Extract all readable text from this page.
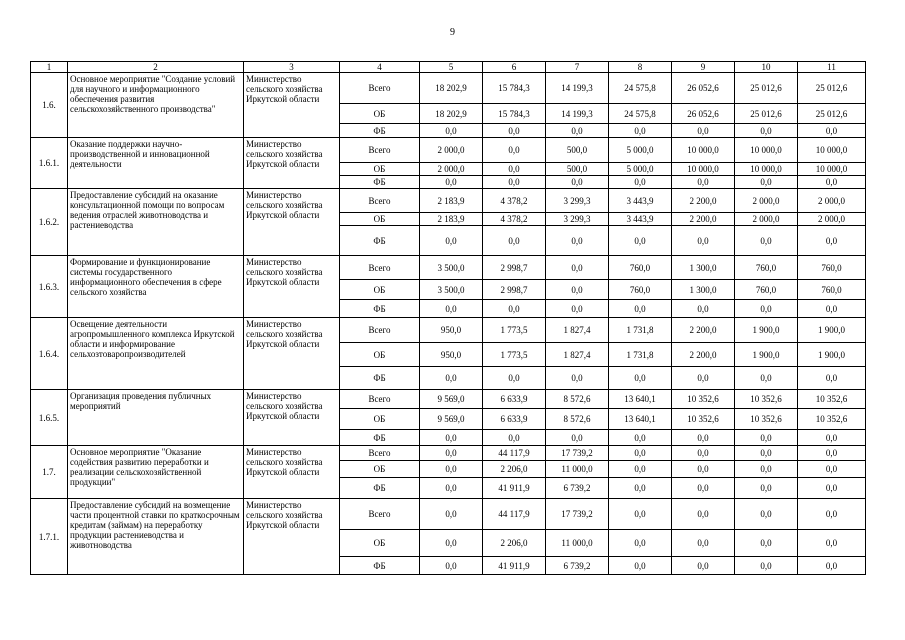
9
1	2	3	4	5	6	7	8	9	10	11
1.6.	Основное мероприятие "Создание условий для научного и информационного обеспечения развития сельскохозяйственного производства"	Министерство сельского хозяйства Иркутской области	Всего	18 202,9	15 784,3	14 199,3	24 575,8	26 052,6	25 012,6	25 012,6
			ОБ	18 202,9	15 784,3	14 199,3	24 575,8	26 052,6	25 012,6	25 012,6
			ФБ	0,0	0,0	0,0	0,0	0,0	0,0	0,0
1.6.1.	Оказание поддержки научно-производственной и инновационной деятельности	Министерство сельского хозяйства Иркутской области	Всего	2 000,0	0,0	500,0	5 000,0	10 000,0	10 000,0	10 000,0
			ОБ	2 000,0	0,0	500,0	5 000,0	10 000,0	10 000,0	10 000,0
			ФБ	0,0	0,0	0,0	0,0	0,0	0,0	0,0
1.6.2.	Предоставление субсидий на оказание консультационной помощи по вопросам ведения отраслей животноводства и растениеводства	Министерство сельского хозяйства Иркутской области	Всего	2 183,9	4 378,2	3 299,3	3 443,9	2 200,0	2 000,0	2 000,0
			ОБ	2 183,9	4 378,2	3 299,3	3 443,9	2 200,0	2 000,0	2 000,0
			ФБ	0,0	0,0	0,0	0,0	0,0	0,0	0,0
1.6.3.	Формирование и функционирование системы государственного информационного обеспечения в сфере сельского хозяйства	Министерство сельского хозяйства Иркутской области	Всего	3 500,0	2 998,7	0,0	760,0	1 300,0	760,0	760,0
			ОБ	3 500,0	2 998,7	0,0	760,0	1 300,0	760,0	760,0
			ФБ	0,0	0,0	0,0	0,0	0,0	0,0	0,0
1.6.4.	Освещение деятельности агропромышленного комплекса Иркутской области и информирование сельхозтоваропроизводителей	Министерство сельского хозяйства Иркутской области	Всего	950,0	1 773,5	1 827,4	1 731,8	2 200,0	1 900,0	1 900,0
			ОБ	950,0	1 773,5	1 827,4	1 731,8	2 200,0	1 900,0	1 900,0
			ФБ	0,0	0,0	0,0	0,0	0,0	0,0	0,0
1.6.5.	Организация проведения публичных мероприятий	Министерство сельского хозяйства Иркутской области	Всего	9 569,0	6 633,9	8 572,6	13 640,1	10 352,6	10 352,6	10 352,6
			ОБ	9 569,0	6 633,9	8 572,6	13 640,1	10 352,6	10 352,6	10 352,6
			ФБ	0,0	0,0	0,0	0,0	0,0	0,0	0,0
1.7.	Основное мероприятие "Оказание содействия развитию переработки и реализации сельскохозяйственной продукции"	Министерство сельского хозяйства Иркутской области	Всего	0,0	44 117,9	17 739,2	0,0	0,0	0,0	0,0
			ОБ	0,0	2 206,0	11 000,0	0,0	0,0	0,0	0,0
			ФБ	0,0	41 911,9	6 739,2	0,0	0,0	0,0	0,0
1.7.1.	Предоставление субсидий на возмещение части процентной ставки по краткосрочным кредитам (займам) на переработку продукции растениеводства и животноводства	Министерство сельского хозяйства Иркутской области	Всего	0,0	44 117,9	17 739,2	0,0	0,0	0,0	0,0
			ОБ	0,0	2 206,0	11 000,0	0,0	0,0	0,0	0,0
			ФБ	0,0	41 911,9	6 739,2	0,0	0,0	0,0	0,0
